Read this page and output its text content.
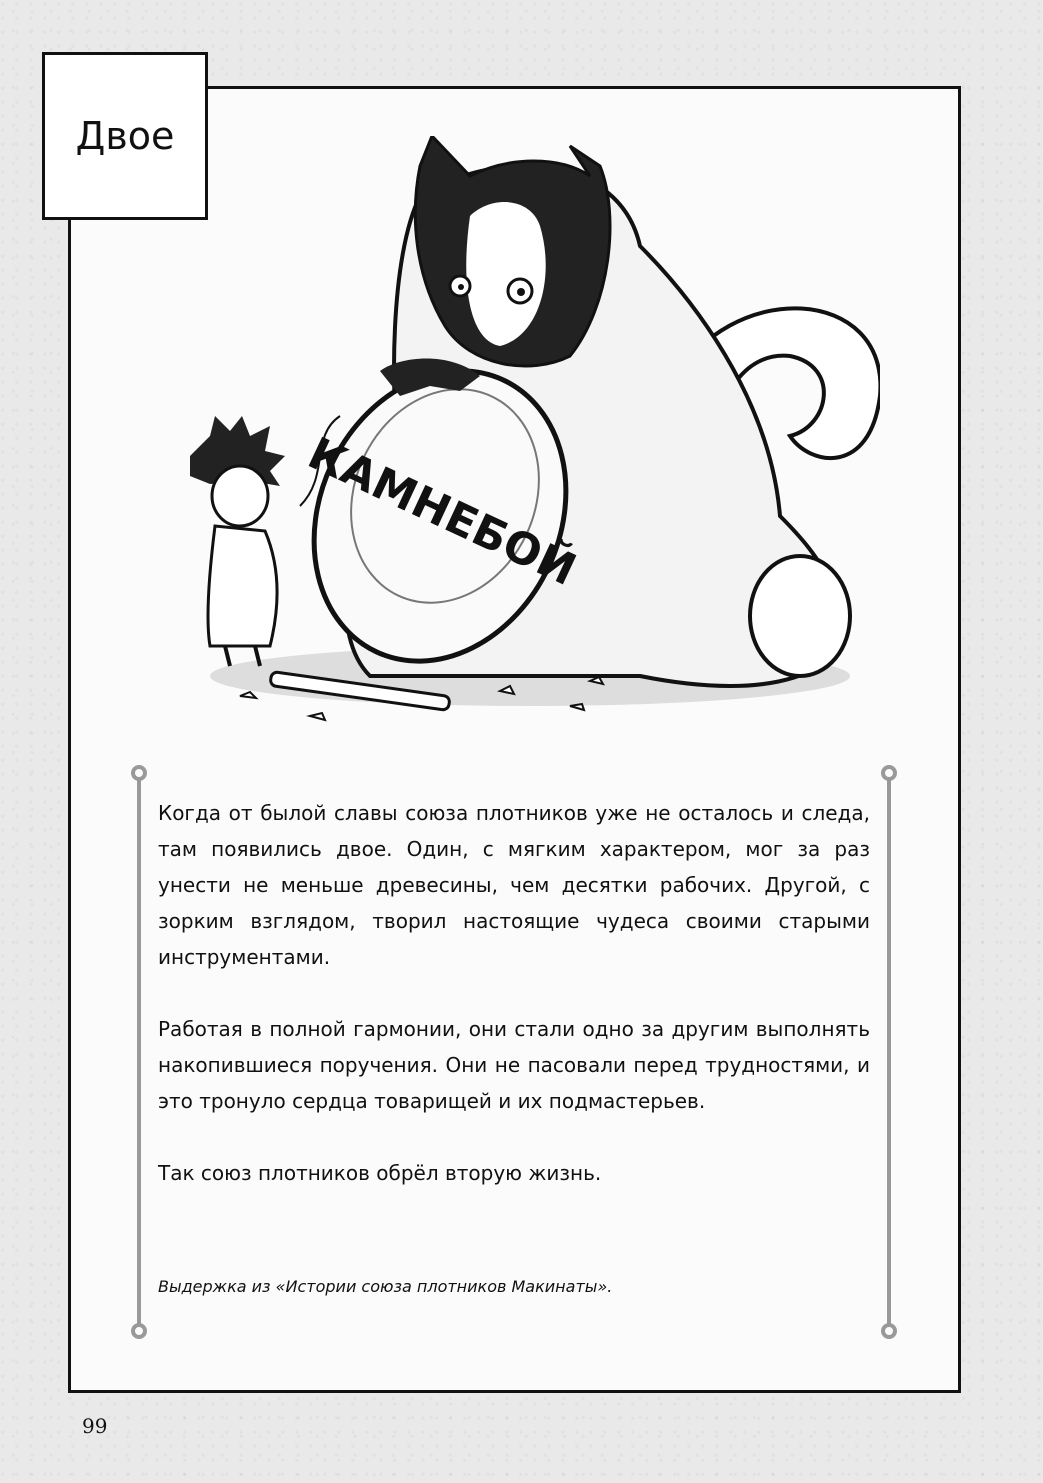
Двое
КАМНЕБОЙ

Когда от былой славы союза плотников уже не осталось и следа, там появились двое. Один, с мягким характером, мог за раз унести не меньше древесины, чем десятки рабочих. Другой, с зорким взглядом, творил настоящие чудеса своими старыми инструментами.

Работая в полной гармонии, они стали одно за другим выполнять накопившиеся поручения. Они не пасовали перед трудностями, и это тронуло сердца товарищей и их подмастерьев.

Так союз плотников обрёл вторую жизнь.

Выдержка из «Истории союза плотников Макинаты».
99
